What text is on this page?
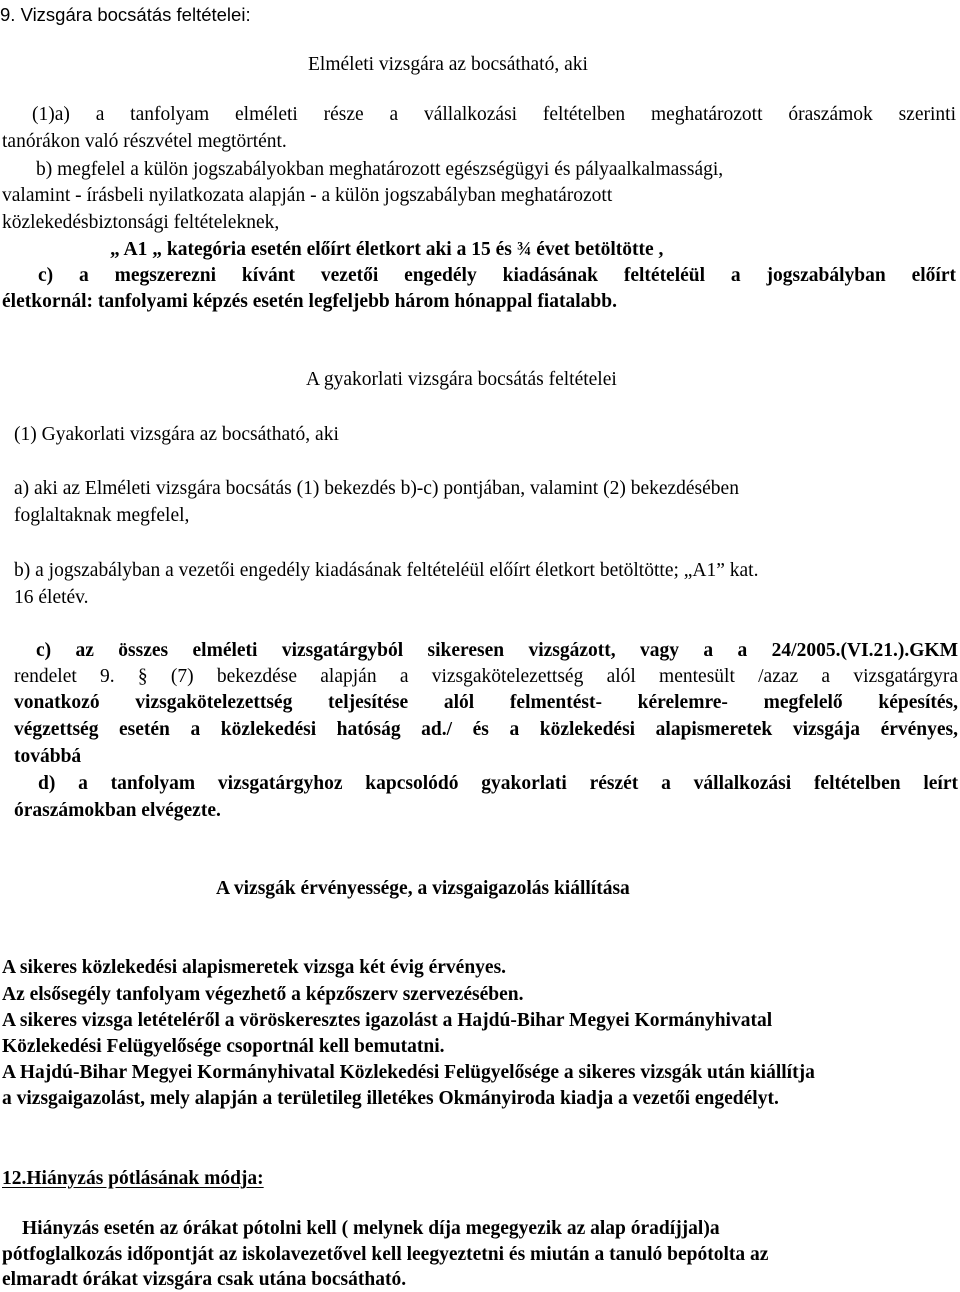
9. Vizsgára bocsátás feltételei:
Elméleti vizsgára az bocsátható, aki
(1)a) a tanfolyam elméleti része a vállalkozási feltételben meghatározott óraszámok szerinti
tanórákon való részvétel megtörtént.
b) megfelel a külön jogszabályokban meghatározott egészségügyi és pályaalkalmassági,
valamint - írásbeli nyilatkozata alapján - a külön jogszabályban meghatározott
közlekedésbiztonsági feltételeknek,
„ A1 „ kategória esetén előírt életkort aki a 15 és ¾ évet betöltötte ,
c) a megszerezni kívánt vezetői engedély kiadásának feltételéül a jogszabályban előírt
életkornál: tanfolyami képzés esetén legfeljebb három hónappal fiatalabb.
A gyakorlati vizsgára bocsátás feltételei
(1) Gyakorlati vizsgára az bocsátható, aki
a) aki az Elméleti vizsgára bocsátás (1) bekezdés b)-c) pontjában, valamint (2) bekezdésében
foglaltaknak megfelel,
b) a jogszabályban a vezetői engedély kiadásának feltételéül előírt életkort betöltötte; „A1” kat.
16 életév.
c) az összes elméleti vizsgatárgyból sikeresen vizsgázott, vagy a a 24/2005.(VI.21.).GKM
rendelet 9. § (7) bekezdése alapján a vizsgakötelezettség alól mentesült /azaz a vizsgatárgyra
vonatkozó vizsgakötelezettség teljesítése alól felmentést- kérelemre- megfelelő képesítés,
végzettség esetén a közlekedési hatóság ad./ és a közlekedési alapismeretek vizsgája érvényes,
továbbá
d) a tanfolyam vizsgatárgyhoz kapcsolódó gyakorlati részét a vállalkozási feltételben leírt
óraszámokban elvégezte.
A vizsgák érvényessége, a vizsgaigazolás kiállítása
A sikeres közlekedési alapismeretek vizsga két évig érvényes.
Az elsősegély tanfolyam végezhető a képzőszerv szervezésében.
A sikeres vizsga letételéről a vöröskeresztes igazolást a Hajdú-Bihar Megyei Kormányhivatal
Közlekedési Felügyelősége csoportnál kell bemutatni.
A Hajdú-Bihar Megyei Kormányhivatal Közlekedési Felügyelősége a sikeres vizsgák után kiállítja
a vizsgaigazolást, mely alapján a területileg illetékes Okmányiroda kiadja a vezetői engedélyt.
12.Hiányzás pótlásának módja:
Hiányzás esetén az órákat pótolni kell ( melynek díja megegyezik az alap óradíjjal)a
pótfoglalkozás időpontját az iskolavezetővel kell leegyeztetni és miután a tanuló bepótolta az
elmaradt órákat vizsgára csak utána bocsátható.
